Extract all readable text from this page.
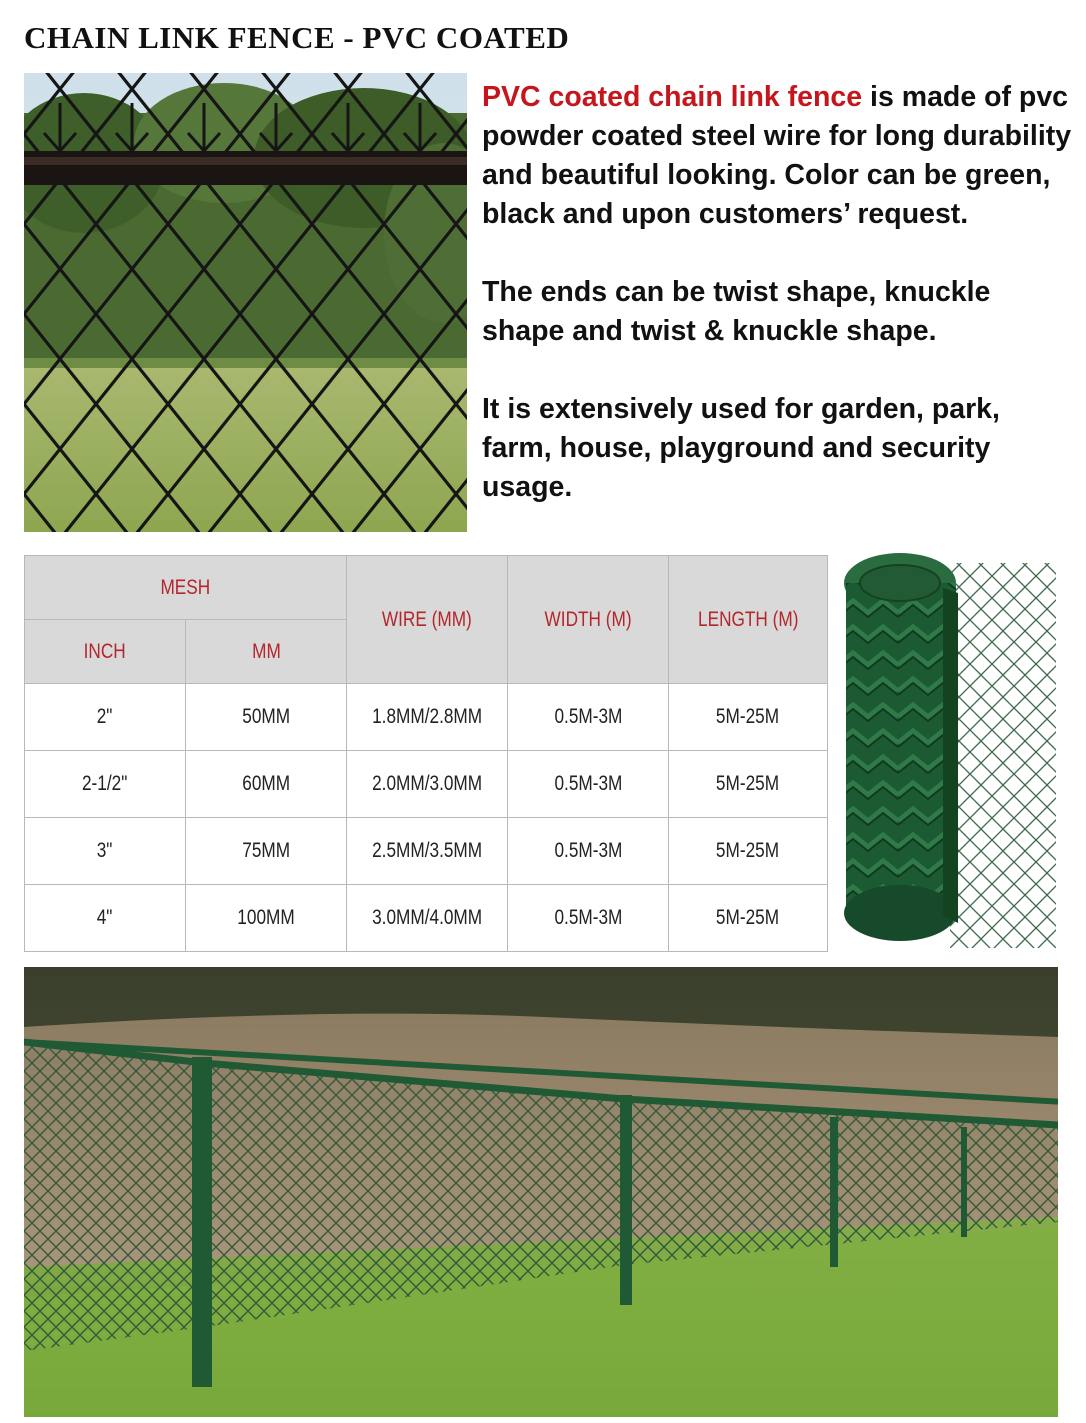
CHAIN LINK FENCE - PVC COATED

PVC coated chain link fence is made of pvc powder coated steel wire for long durability and beautiful looking. Color can be green, black and upon customers’ request.

The ends can be twist shape, knuckle shape and twist & knuckle shape.

It is extensively used for garden, park, farm, house, playground and security usage.

MESH		WIRE (MM)	WIDTH (M)	LENGTH (M)
INCH	MM			
2"	50MM	1.8MM/2.8MM	0.5M-3M	5M-25M
2-1/2"	60MM	2.0MM/3.0MM	0.5M-3M	5M-25M
3"	75MM	2.5MM/3.5MM	0.5M-3M	5M-25M
4"	100MM	3.0MM/4.0MM	0.5M-3M	5M-25M
